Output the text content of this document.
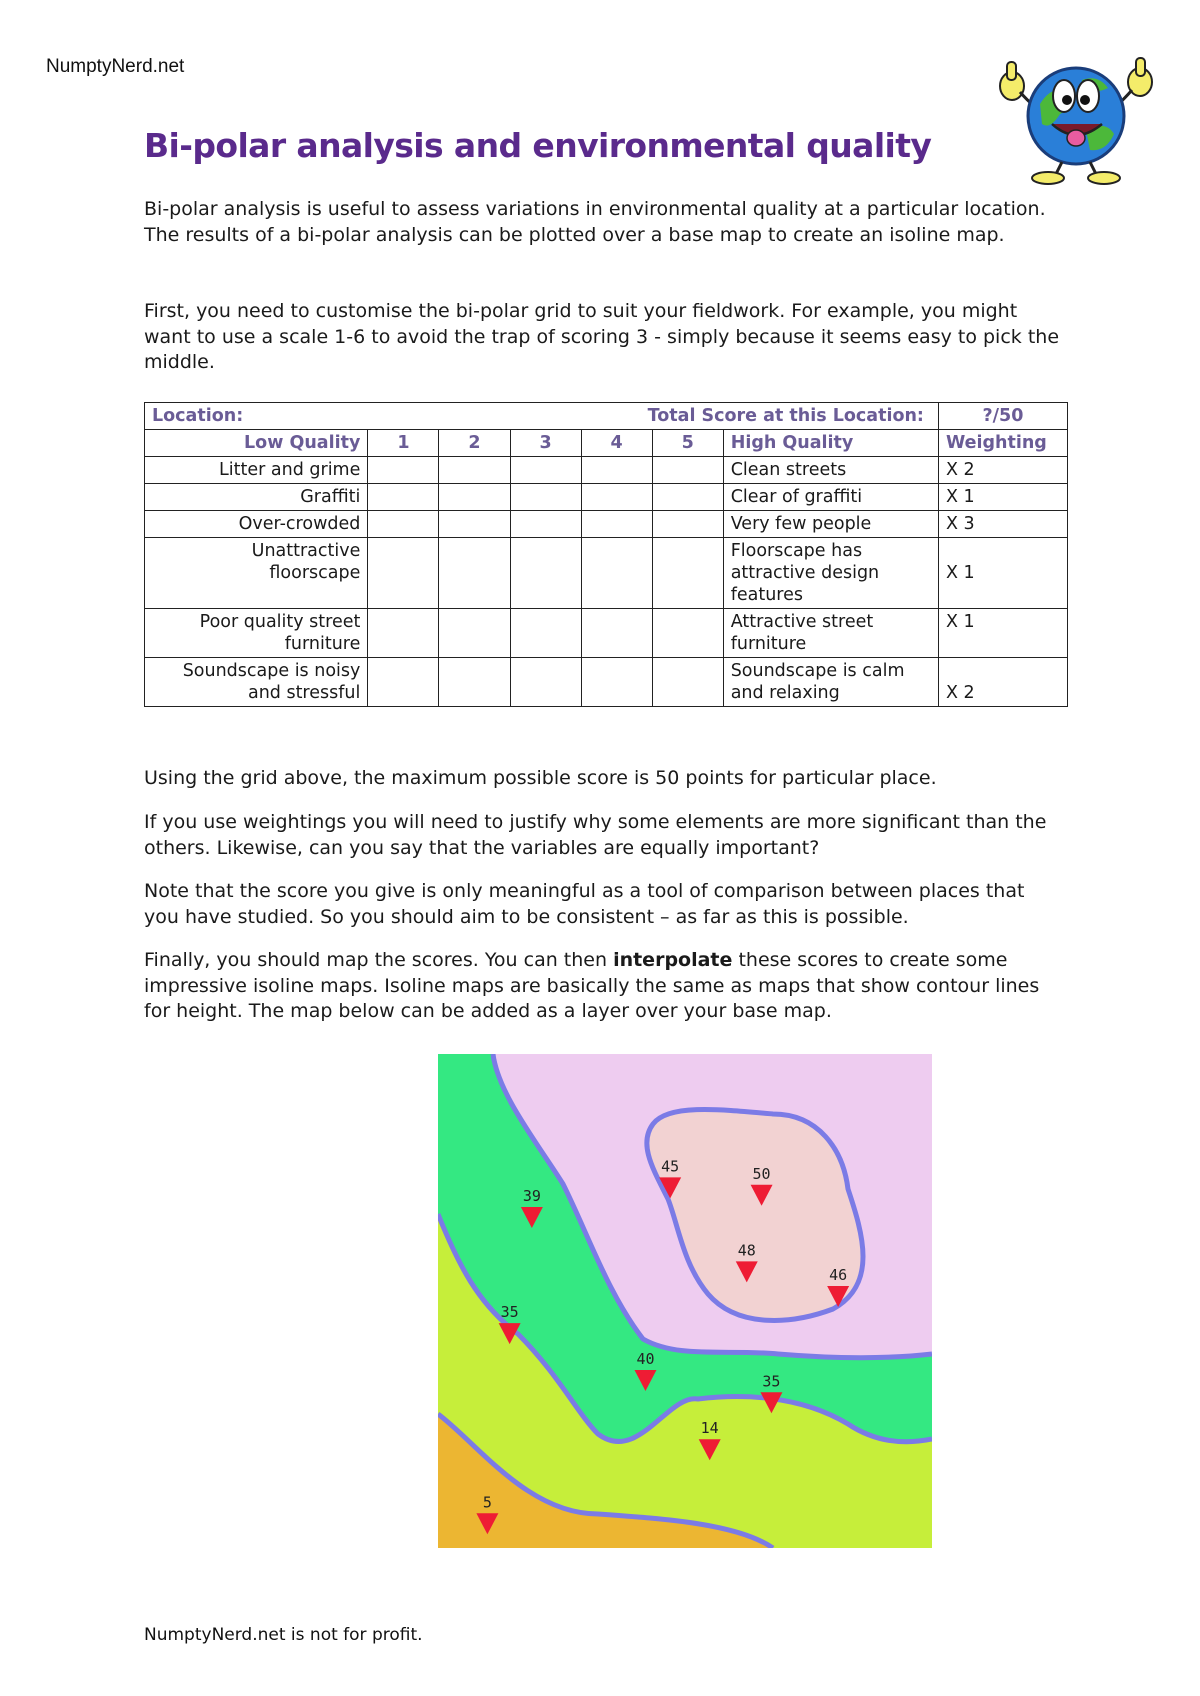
NumptyNerd.net
Bi-polar analysis and environmental quality

Bi-polar analysis is useful to assess variations in environmental quality at a particular location. The results of a bi-polar analysis can be plotted over a base map to create an isoline map.

First, you need to customise the bi-polar grid to suit your fieldwork. For example, you might want to use a scale 1-6 to avoid the trap of scoring 3 - simply because it seems easy to pick the middle.

Location: Total Score at this Location:							?/50
Low Quality	1	2	3	4	5	High Quality	Weighting
Litter and grime						Clean streets	X 2
Graffiti						Clear of graffiti	X 1
Over-crowded						Very few people	X 3
Unattractive floorscape						Floorscape has attractive design features	X 1
Poor quality street furniture						Attractive street furniture	X 1
Soundscape is noisy and stressful						Soundscape is calm and relaxing	X 2

Using the grid above, the maximum possible score is 50 points for particular place.

If you use weightings you will need to justify why some elements are more significant than the others. Likewise, can you say that the variables are equally important?

Note that the score you give is only meaningful as a tool of comparison between places that you have studied. So you should aim to be consistent – as far as this is possible.

Finally, you should map the scores. You can then interpolate these scores to create some impressive isoline maps. Isoline maps are basically the same as maps that show contour lines for height. The map below can be added as a layer over your base map.

39
45	50
48
46
35
40
35
14
5
NumptyNerd.net is not for profit.
